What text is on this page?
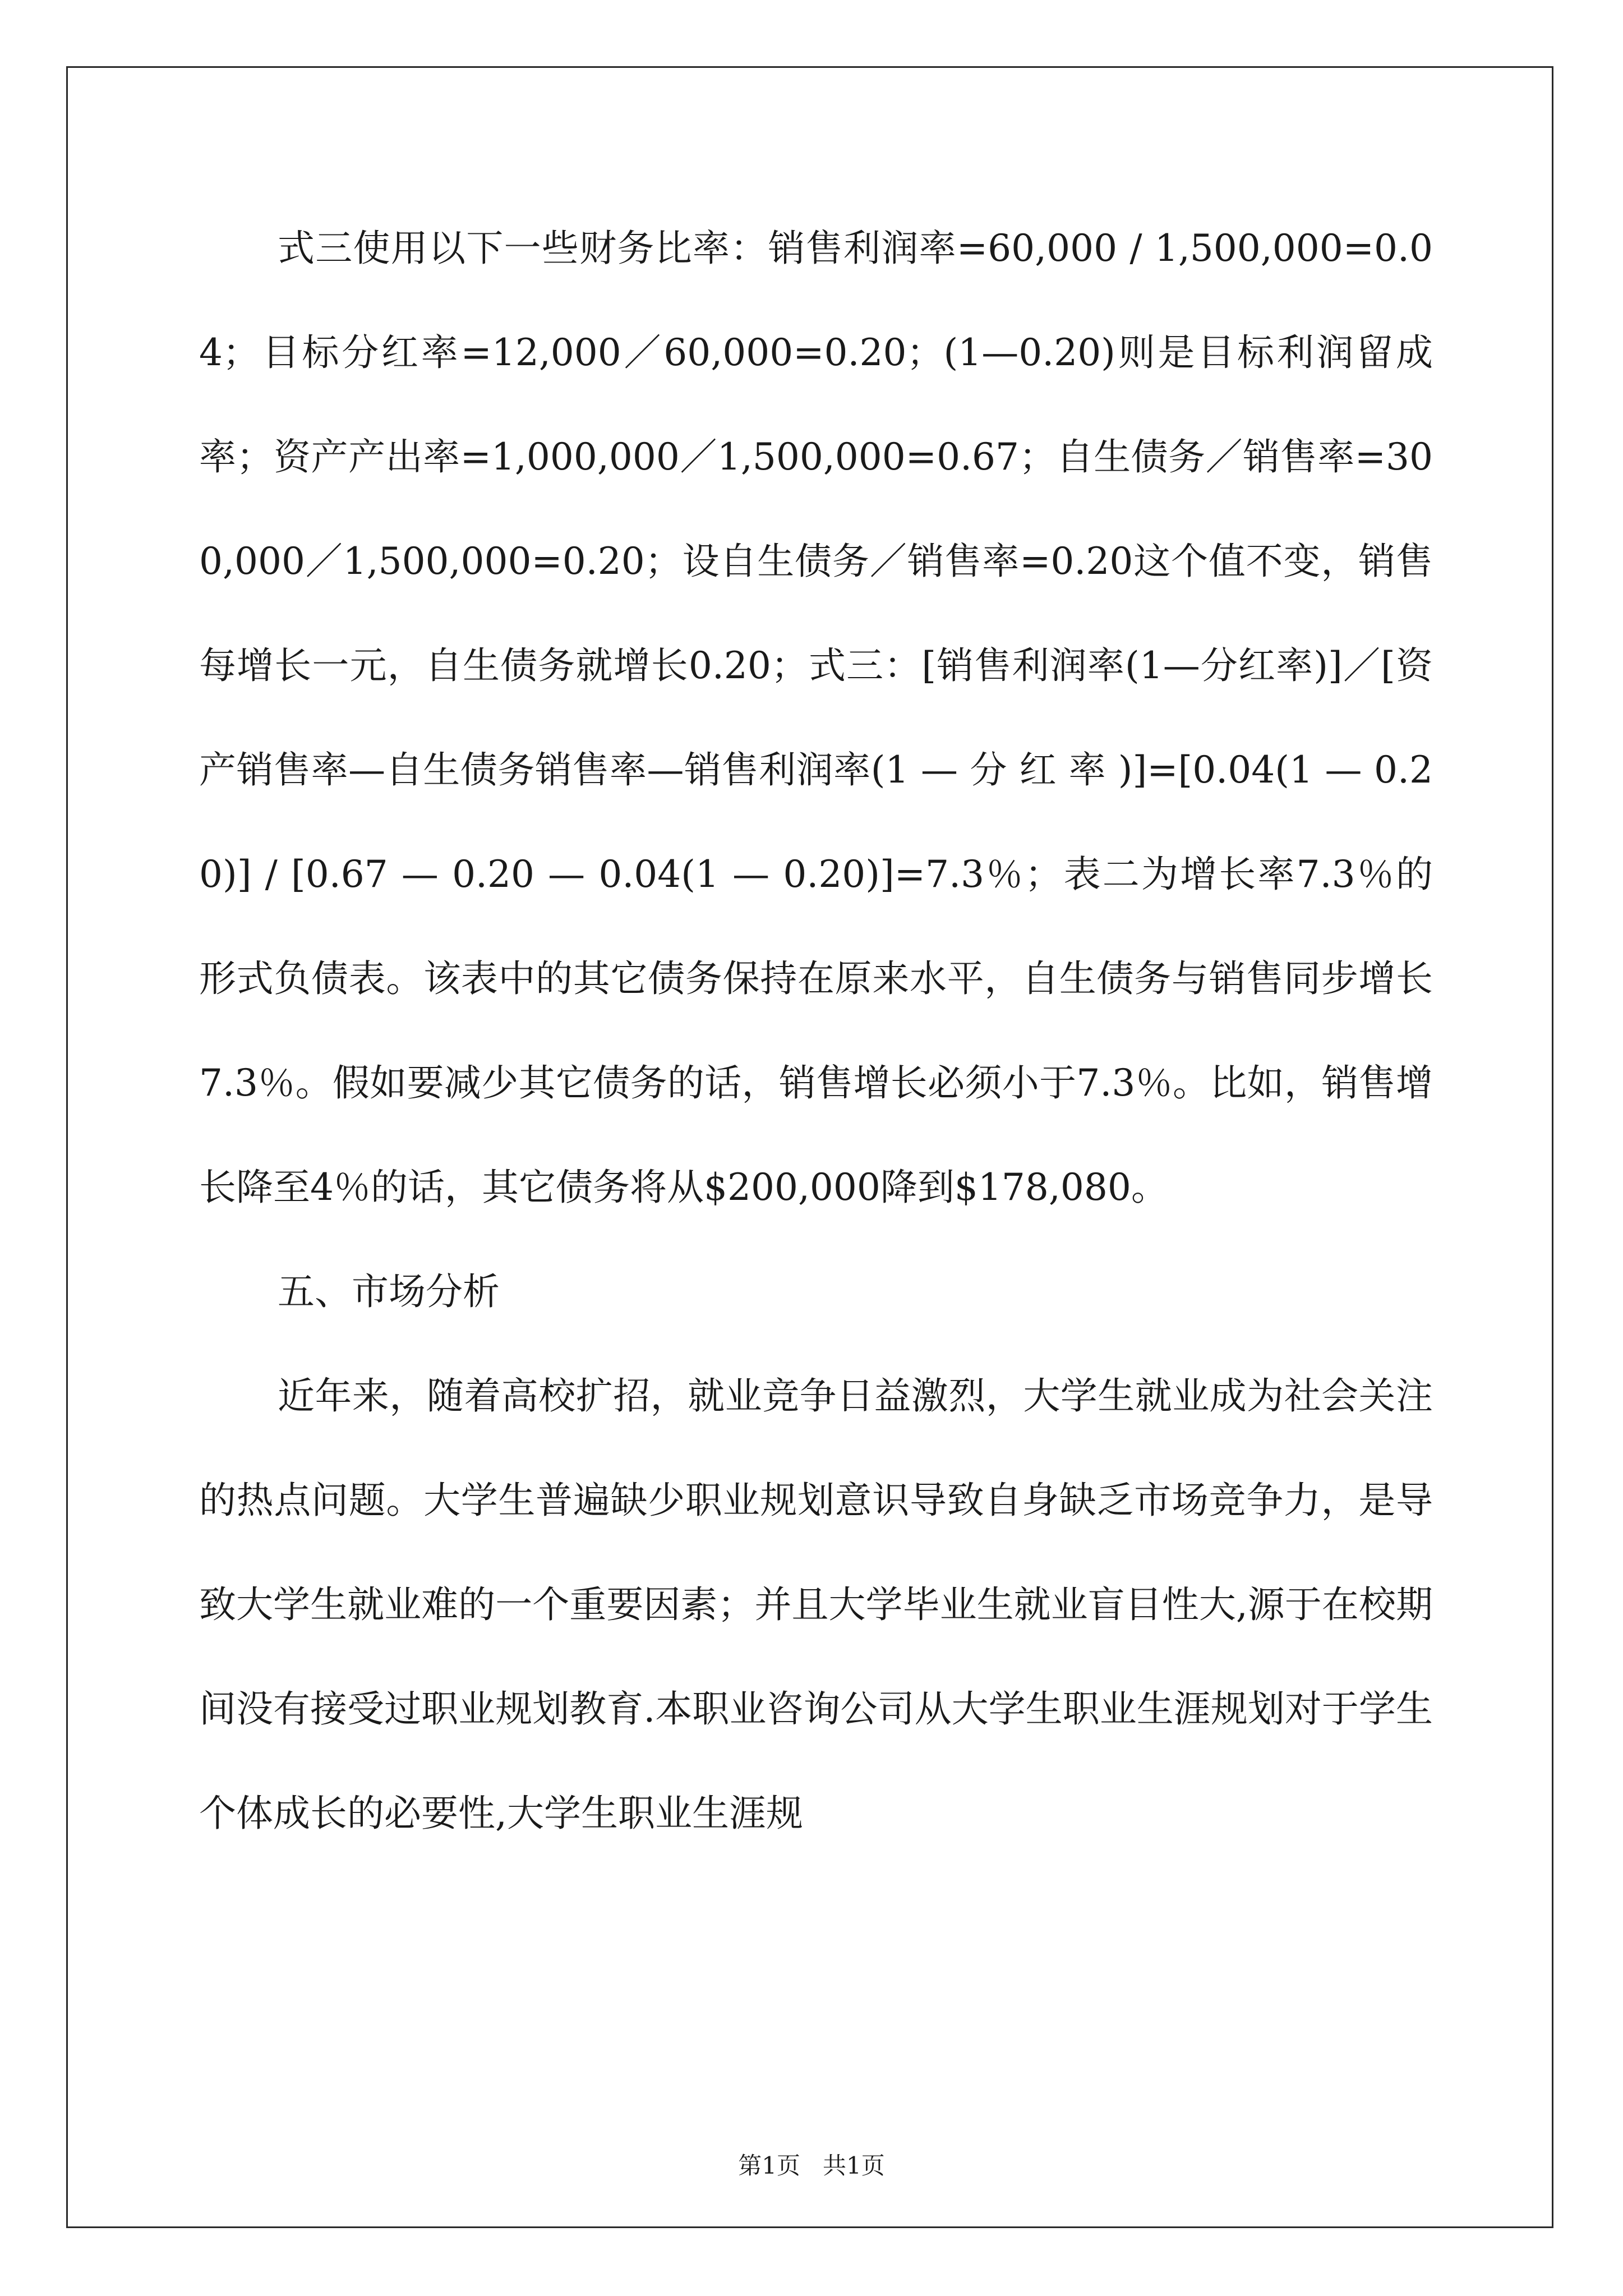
式三使用以下一些财务比率：销售利润率=60,000 / 1,500,000=0.04；目标分红率=12,000／60,000=0.20；(1—0.20)则是目标利润留成率；资产产出率=1,000,000／1,500,000=0.67；自生债务／销售率=300,000／1,500,000=0.20；设自生债务／销售率=0.20这个值不变，销售每增长一元，自生债务就增长0.20；式三：[销售利润率(1—分红率)]／[资产销售率—自生债务销售率—销售利润率(1 — 分 红 率 )]=[0.04(1 — 0.20)] / [0.67 — 0.20 — 0.04(1 — 0.20)]=7.3％；表二为增长率7.3％的形式负债表。该表中的其它债务保持在原来水平，自生债务与销售同步增长7.3％。假如要减少其它债务的话，销售增长必须小于7.3％。比如，销售增长降至4％的话，其它债务将从$200,000降到$178,080。

五、市场分析

近年来，随着高校扩招，就业竞争日益激烈，大学生就业成为社会关注的热点问题。大学生普遍缺少职业规划意识导致自身缺乏市场竞争力，是导致大学生就业难的一个重要因素；并且大学毕业生就业盲目性大,源于在校期间没有接受过职业规划教育.本职业咨询公司从大学生职业生涯规划对于学生个体成长的必要性,大学生职业生涯规

第1页 共1页
